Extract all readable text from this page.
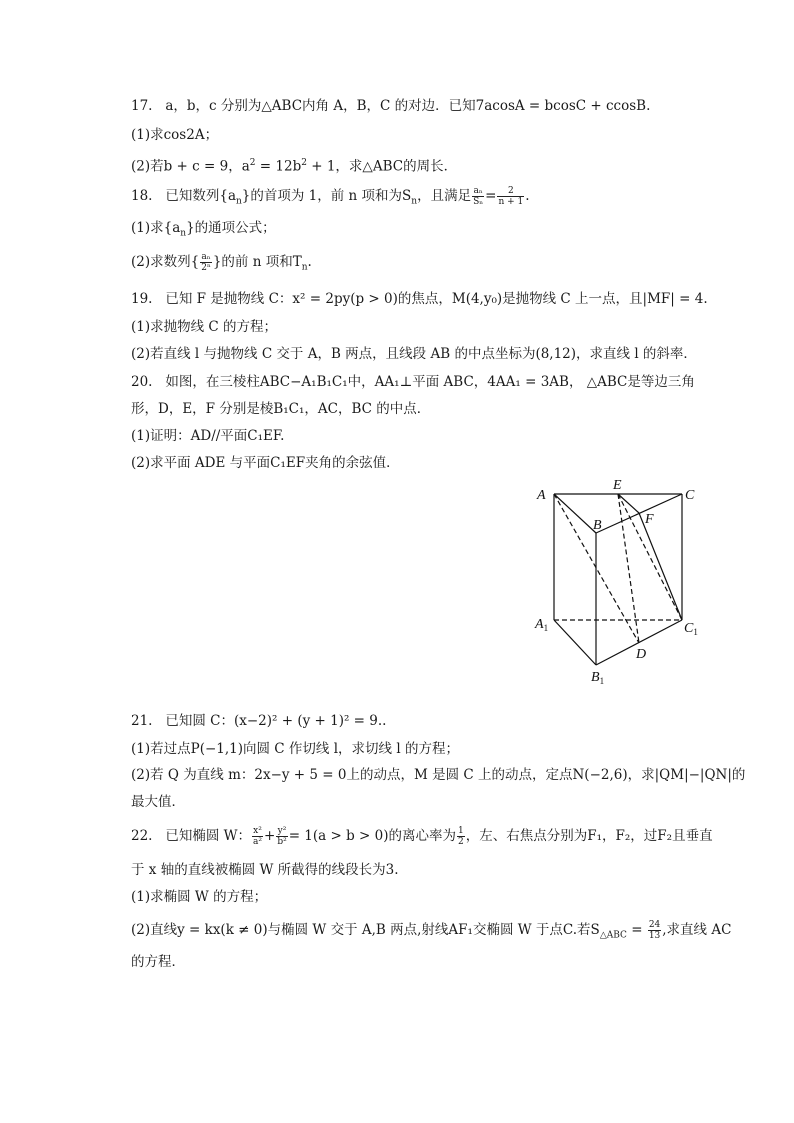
17. a，b，c 分别为△ABC内角 A，B，C 的对边．已知7acosA = bcosC + ccosB.
(1)求cos2A；
(2)若b + c = 9，$a^2 = 12b^2 + 1$，求△ABC的周长．
18. 已知数列$\{a_n\}$的首项为 1，前 n 项和为$S_n$，且满足 $\frac{\text{aₙ}}{\text{Sₙ}} = \frac{2}{n + 1}$ .
(1)求$\{a_n\}$的通项公式；
(2)求数列{ $\frac{\text{aₙ}}{\text{2ⁿ}}$ }的前 n 项和$T_n$.
19. 已知 F 是抛物线 C：x² = 2py(p > 0)的焦点，M(4,y₀)是抛物线 C 上一点，且|MF| = 4.
(1)求抛物线 C 的方程；
(2)若直线 l 与抛物线 C 交于 A，B 两点，且线段 AB 的中点坐标为(8,12)，求直线 l 的斜率．
20. 如图，在三棱柱ABC−A₁B₁C₁中，AA₁⊥平面 ABC，4AA₁ = 3AB， △ABC是等边三角
形，D，E，F 分别是棱B₁C₁，AC，BC 的中点．
(1)证明：AD//平面C₁EF.
(2)求平面 ADE 与平面C₁EF夹角的余弦值．
A
E
C
B	F
$A_1$	$C_1$
D
$B_1$
21. 已知圆 C：(x−2)² + (y + 1)² = 9..
(1)若过点P(−1,1)向圆 C 作切线 l，求切线 l 的方程；
(2)若 Q 为直线 m：2x−y + 5 = 0上的动点，M 是圆 C 上的动点，定点N(−2,6)，求|QM|−|QN|的
最大值．
22. 已知椭圆 W： $\frac{\text{x²}}{\text{a²}} + \frac{\text{y²}}{\text{b²}} = 1(a > b > 0)$的离心率为 $\frac{1}{2}$ ，左、右焦点分别为F₁，F₂，过F₂且垂直
于 x 轴的直线被椭圆 W 所截得的线段长为3.
(1)求椭圆 W 的方程；
(2)直线y = kx(k ≠ 0)与椭圆 W 交于 A,B 两点,射线AF₁交椭圆 W 于点C.若$S_{\triangle ABC} = \frac{24}{13}$ ,求直线 AC
的方程．
